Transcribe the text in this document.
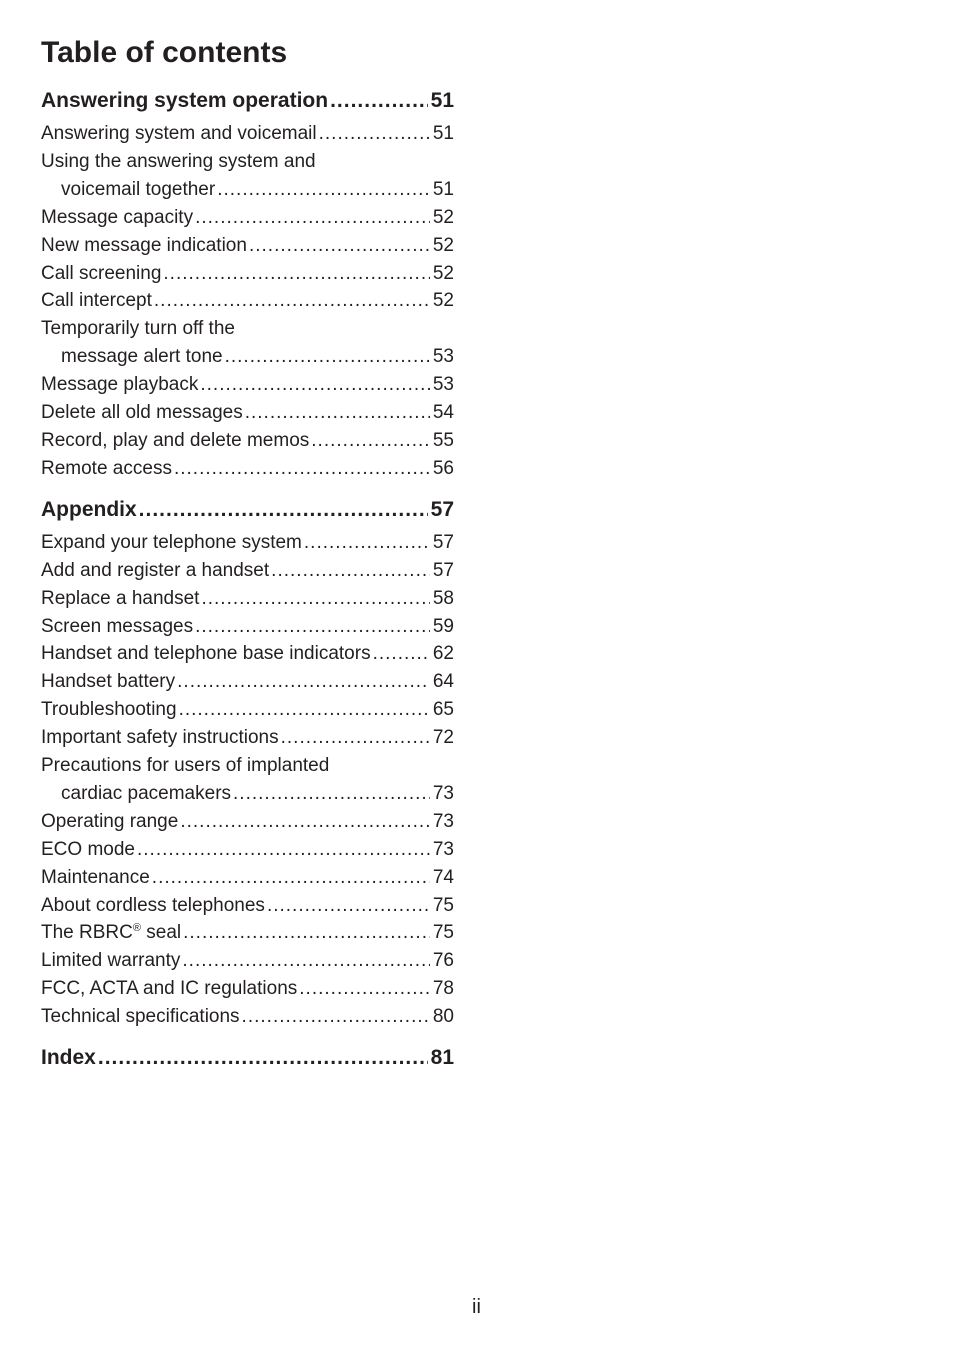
Table of contents
Answering system operation .....	51
Answering system and voicemail .....	51
Using the answering system and
voicemail together .....	51
Message capacity .....	52
New message indication .....	52
Call screening .....	52
Call intercept .....	52
Temporarily turn off the
message alert tone .....	53
Message playback .....	53
Delete all old messages .....	54
Record, play and delete memos .....	55
Remote access .....	56
Appendix .....	57
Expand your telephone system .....	57
Add and register a handset .....	57
Replace a handset .....	58
Screen messages .....	59
Handset and telephone base indicators .....	62
Handset battery .....	64
Troubleshooting .....	65
Important safety instructions .....	72
Precautions for users of implanted
cardiac pacemakers .....	73
Operating range .....	73
ECO mode .....	73
Maintenance .....	74
About cordless telephones .....	75
The RBRC® seal .....	75
Limited warranty .....	76
FCC, ACTA and IC regulations .....	78
Technical specifications .....	80
Index .....	81
ii
